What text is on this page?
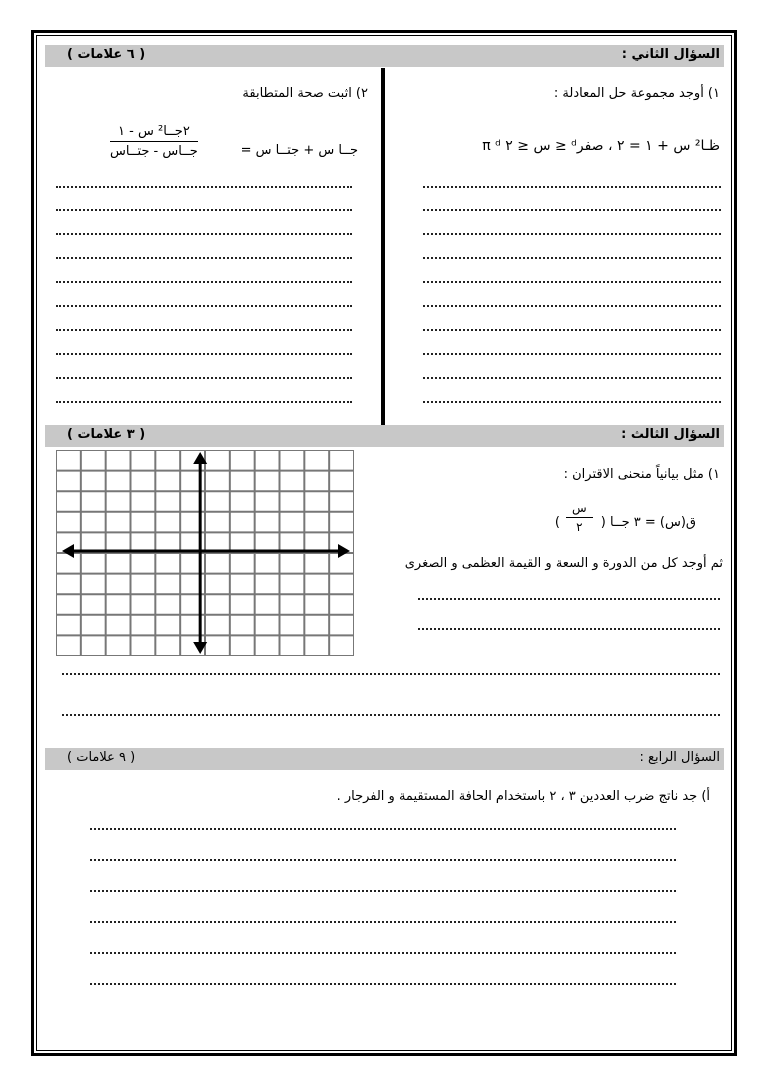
السؤال الثاني :
( ٦ علامات )
١) أوجد مجموعة حل المعادلة :
ظـا² س + ١ = ٢ ، صفرᵈ ≤ س ≤ ٢ π ᵈ
٢) اثبت صحة المتطابقة
جــا س + جتــا س =
٢جــا² س - ١
جــاس - جتــاس
السؤال الثالث :
( ٣ علامات )
١) مثل بيانياً منحنى الاقتران :
ق(س) = ٣ جــا (
س
٢
)
ثم أوجد كل من الدورة و السعة و القيمة العظمى و الصغرى
السؤال الرابع :
( ٩ علامات )
أ) جد ناتج ضرب العددين ٣ ، ٢ باستخدام الحافة المستقيمة و الفرجار .
